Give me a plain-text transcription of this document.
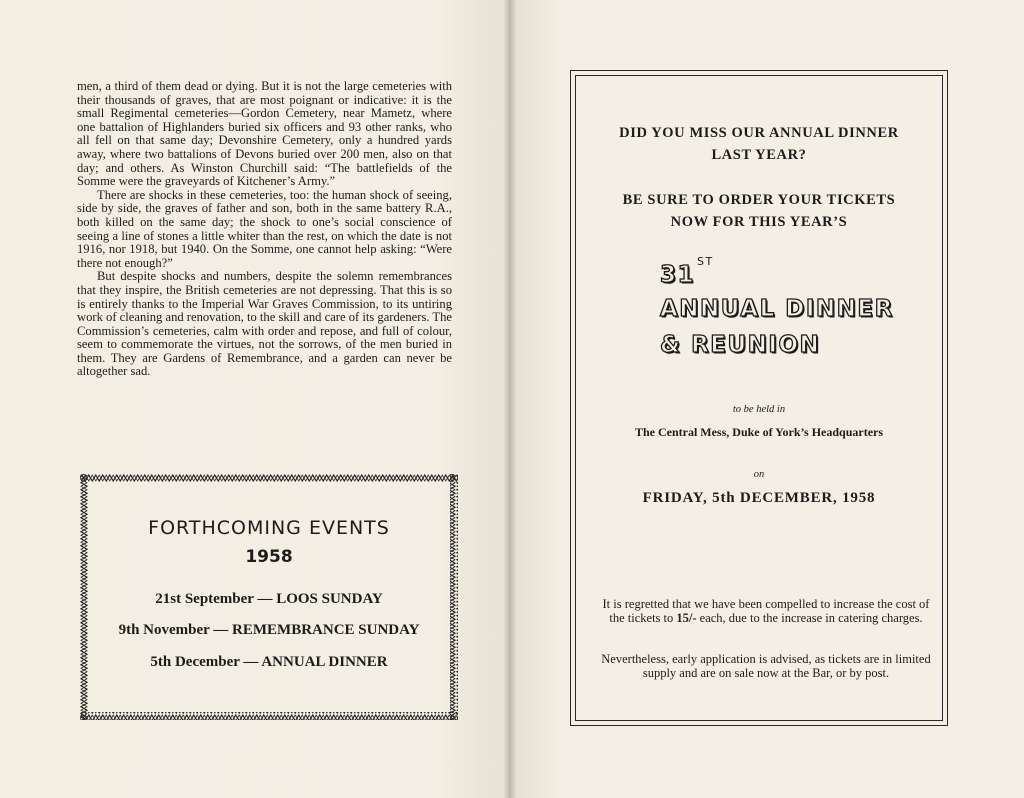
men, a third of them dead or dying. But it is not the large cemeteries with their thousands of graves, that are most poignant or indicative: it is the small Regimental cemeteries—Gordon Cemetery, near Mametz, where one battalion of Highlanders buried six officers and 93 other ranks, who all fell on that same day; Devonshire Cemetery, only a hundred yards away, where two battalions of Devons buried over 200 men, also on that day; and others. As Winston Churchill said: “The battlefields of the Somme were the graveyards of Kitchener’s Army.”

There are shocks in these cemeteries, too: the human shock of seeing, side by side, the graves of father and son, both in the same battery R.A., both killed on the same day; the shock to one’s social conscience of seeing a line of stones a little whiter than the rest, on which the date is not 1916, nor 1918, but 1940. On the Somme, one cannot help asking: “Were there not enough?”

But despite shocks and numbers, despite the solemn remembrances that they inspire, the British cemeteries are not depressing. That this is so is entirely thanks to the Imperial War Graves Commission, to its untiring work of cleaning and renovation, to the skill and care of its gardeners. The Commission’s cemeteries, calm with order and repose, and full of colour, seem to commemorate the virtues, not the sorrows, of the men buried in them. They are Gardens of Remembrance, and a garden can never be altogether sad.

FORTHCOMING EVENTS
1958
21st September — LOOS SUNDAY
9th November — REMEMBRANCE SUNDAY
5th December — ANNUAL DINNER
DID YOU MISS OUR ANNUAL DINNER
LAST YEAR?
BE SURE TO ORDER YOUR TICKETS
NOW FOR THIS YEAR’S
31ST
ANNUAL DINNER
& REUNION
to be held in
The Central Mess, Duke of York’s Headquarters
on
FRIDAY, 5th DECEMBER, 1958
It is regretted that we have been compelled to increase the cost of the tickets to 15/- each, due to the increase in catering charges.
Nevertheless, early application is advised, as tickets are in limited supply and are on sale now at the Bar, or by post.
